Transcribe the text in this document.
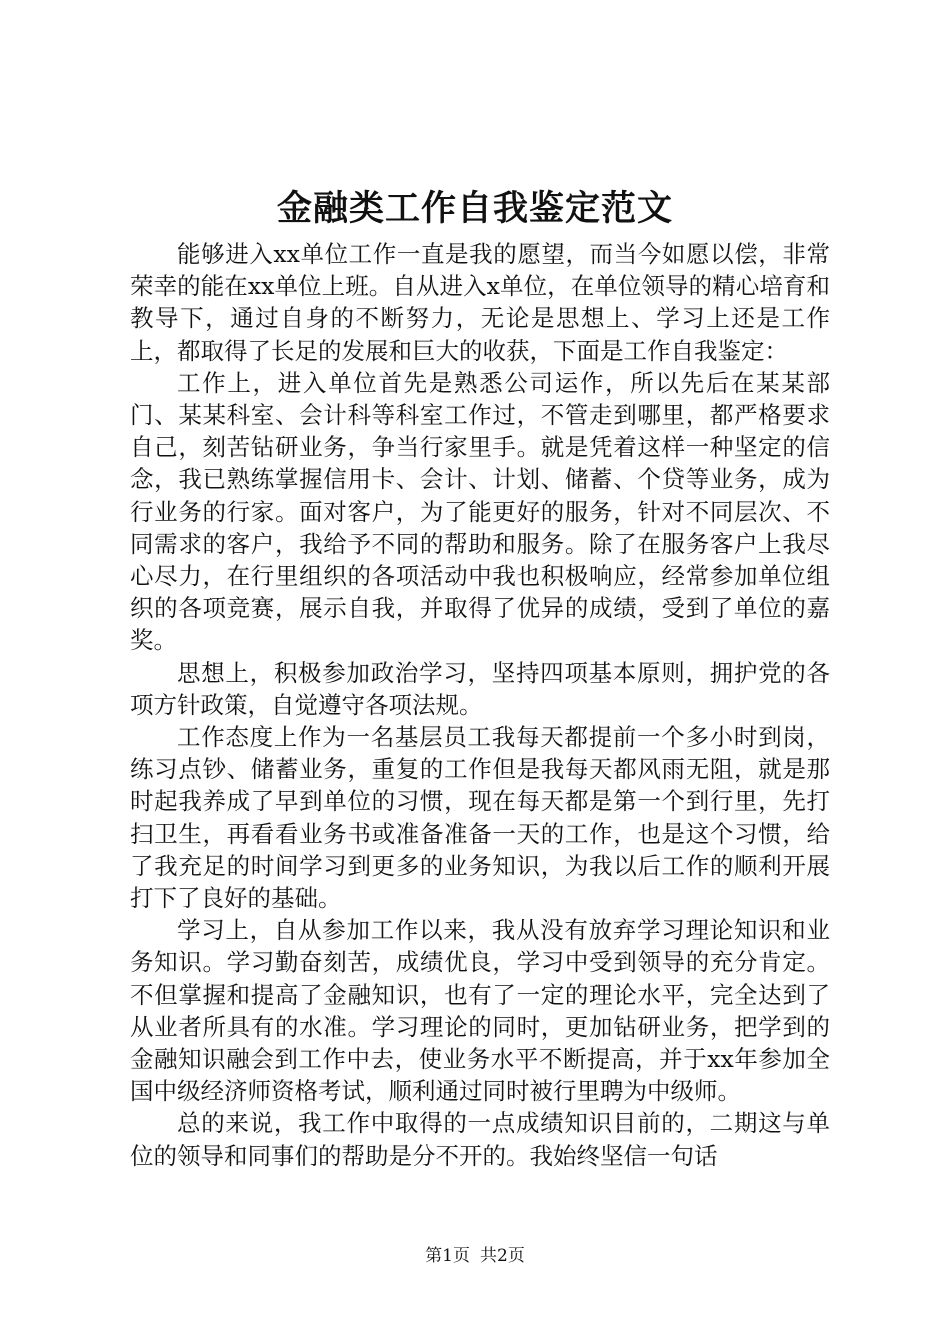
金融类工作自我鉴定范文

能够进入xx单位工作一直是我的愿望，而当今如愿以偿，非常荣幸的能在xx单位上班。自从进入x单位，在单位领导的精心培育和教导下，通过自身的不断努力，无论是思想上、学习上还是工作上，都取得了长足的发展和巨大的收获，下面是工作自我鉴定：

工作上，进入单位首先是熟悉公司运作，所以先后在某某部门、某某科室、会计科等科室工作过，不管走到哪里，都严格要求自己，刻苦钻研业务，争当行家里手。就是凭着这样一种坚定的信念，我已熟练掌握信用卡、会计、计划、储蓄、个贷等业务，成为行业务的行家。面对客户，为了能更好的服务，针对不同层次、不同需求的客户，我给予不同的帮助和服务。除了在服务客户上我尽心尽力，在行里组织的各项活动中我也积极响应，经常参加单位组织的各项竞赛，展示自我，并取得了优异的成绩，受到了单位的嘉奖。

思想上，积极参加政治学习，坚持四项基本原则，拥护党的各项方针政策，自觉遵守各项法规。

工作态度上作为一名基层员工我每天都提前一个多小时到岗，练习点钞、储蓄业务，重复的工作但是我每天都风雨无阻，就是那时起我养成了早到单位的习惯，现在每天都是第一个到行里，先打扫卫生，再看看业务书或准备准备一天的工作，也是这个习惯，给了我充足的时间学习到更多的业务知识，为我以后工作的顺利开展打下了良好的基础。

学习上，自从参加工作以来，我从没有放弃学习理论知识和业务知识。学习勤奋刻苦，成绩优良，学习中受到领导的充分肯定。不但掌握和提高了金融知识，也有了一定的理论水平，完全达到了从业者所具有的水准。学习理论的同时，更加钻研业务，把学到的金融知识融会到工作中去，使业务水平不断提高，并于xx年参加全国中级经济师资格考试，顺利通过同时被行里聘为中级师。

总的来说，我工作中取得的一点成绩知识目前的，二期这与单位的领导和同事们的帮助是分不开的。我始终坚信一句话

第1页 共2页
